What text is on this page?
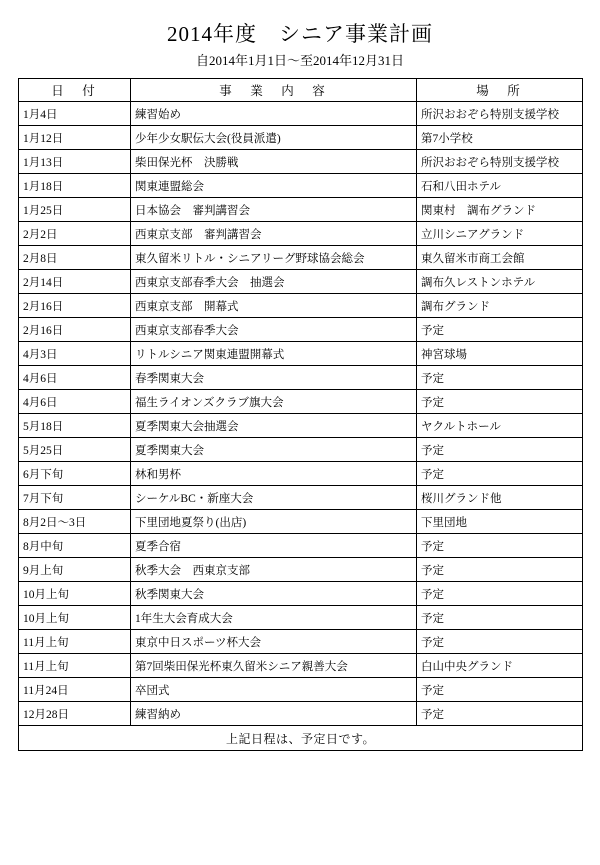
2014年度　シニア事業計画
自2014年1月1日～至2014年12月31日
日　付	事　業　内　容	場　所
1月4日	練習始め	所沢おおぞら特別支援学校
1月12日	少年少女駅伝大会(役員派遣)	第7小学校
1月13日	柴田保光杯　決勝戦	所沢おおぞら特別支援学校
1月18日	関東連盟総会	石和八田ホテル
1月25日	日本協会　審判講習会	関東村　調布グランド
2月2日	西東京支部　審判講習会	立川シニアグランド
2月8日	東久留米リトル・シニアリーグ野球協会総会	東久留米市商工会館
2月14日	西東京支部春季大会　抽選会	調布久レストンホテル
2月16日	西東京支部　開幕式	調布グランド
2月16日	西東京支部春季大会	予定
4月3日	リトルシニア関東連盟開幕式	神宮球場
4月6日	春季関東大会	予定
4月6日	福生ライオンズクラブ旗大会	予定
5月18日	夏季関東大会抽選会	ヤクルトホール
5月25日	夏季関東大会	予定
6月下旬	林和男杯	予定
7月下旬	シーケルBC・新座大会	桜川グランド他
8月2日～3日	下里団地夏祭り(出店)	下里団地
8月中旬	夏季合宿	予定
9月上旬	秋季大会　西東京支部	予定
10月上旬	秋季関東大会	予定
10月上旬	1年生大会育成大会	予定
11月上旬	東京中日スポーツ杯大会	予定
11月上旬	第7回柴田保光杯東久留米シニア親善大会	白山中央グランド
11月24日	卒団式	予定
12月28日	練習納め	予定
上記日程は、予定日です。		
